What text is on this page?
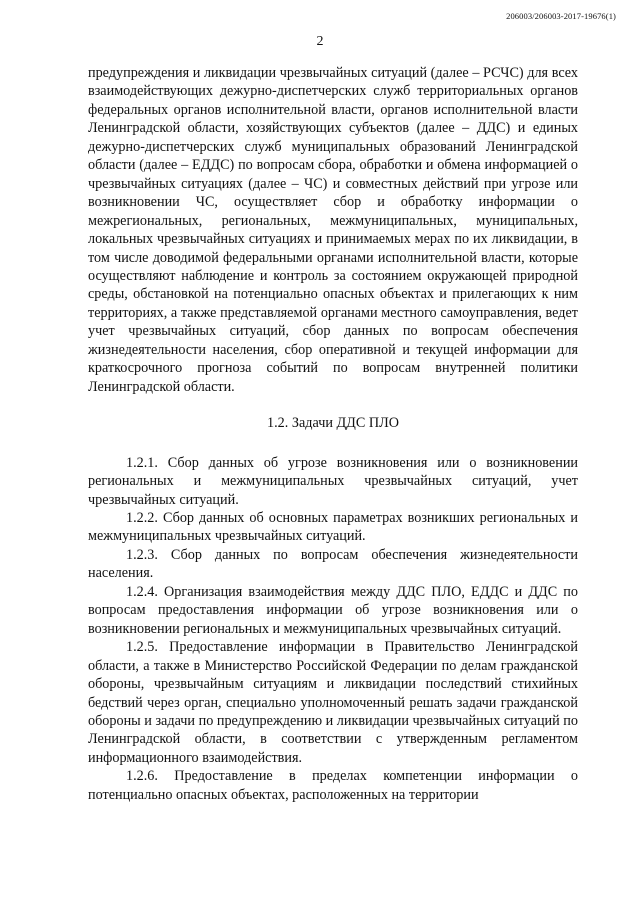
206003/206003-2017-19676(1)
2

предупреждения и ликвидации чрезвычайных ситуаций (далее – РСЧС) для всех взаимодействующих дежурно-диспетчерских служб территориальных органов федеральных органов исполнительной власти, органов исполнительной власти Ленинградской области, хозяйствующих субъектов (далее – ДДС) и единых дежурно-диспетчерских служб муниципальных образований Ленинградской области (далее – ЕДДС) по вопросам сбора, обработки и обмена информацией о чрезвычайных ситуациях (далее – ЧС) и совместных действий при угрозе или возникновении ЧС, осуществляет сбор и обработку информации о межрегиональных, региональных, межмуниципальных, муниципальных, локальных чрезвычайных ситуациях и принимаемых мерах по их ликвидации, в том числе доводимой федеральными органами исполнительной власти, которые осуществляют наблюдение и контроль за состоянием окружающей природной среды, обстановкой на потенциально опасных объектах и прилегающих к ним территориях, а также представляемой органами местного самоуправления, ведет учет чрезвычайных ситуаций, сбор данных по вопросам обеспечения жизнедеятельности населения, сбор оперативной и текущей информации для краткосрочного прогноза событий по вопросам внутренней политики Ленинградской области.

1.2. Задачи ДДС ПЛО

1.2.1. Сбор данных об угрозе возникновения или о возникновении региональных и межмуниципальных чрезвычайных ситуаций, учет чрезвычайных ситуаций.

1.2.2. Сбор данных об основных параметрах возникших региональных и межмуниципальных чрезвычайных ситуаций.

1.2.3. Сбор данных по вопросам обеспечения жизнедеятельности населения.

1.2.4. Организация взаимодействия между ДДС ПЛО, ЕДДС и ДДС по вопросам предоставления информации об угрозе возникновения или о возникновении региональных и межмуниципальных чрезвычайных ситуаций.

1.2.5. Предоставление информации в Правительство Ленинградской области, а также в Министерство Российской Федерации по делам гражданской обороны, чрезвычайным ситуациям и ликвидации последствий стихийных бедствий через орган, специально уполномоченный решать задачи гражданской обороны и задачи по предупреждению и ликвидации чрезвычайных ситуаций по Ленинградской области, в соответствии с утвержденным регламентом информационного взаимодействия.

1.2.6. Предоставление в пределах компетенции информации о потенциально опасных объектах, расположенных на территории
